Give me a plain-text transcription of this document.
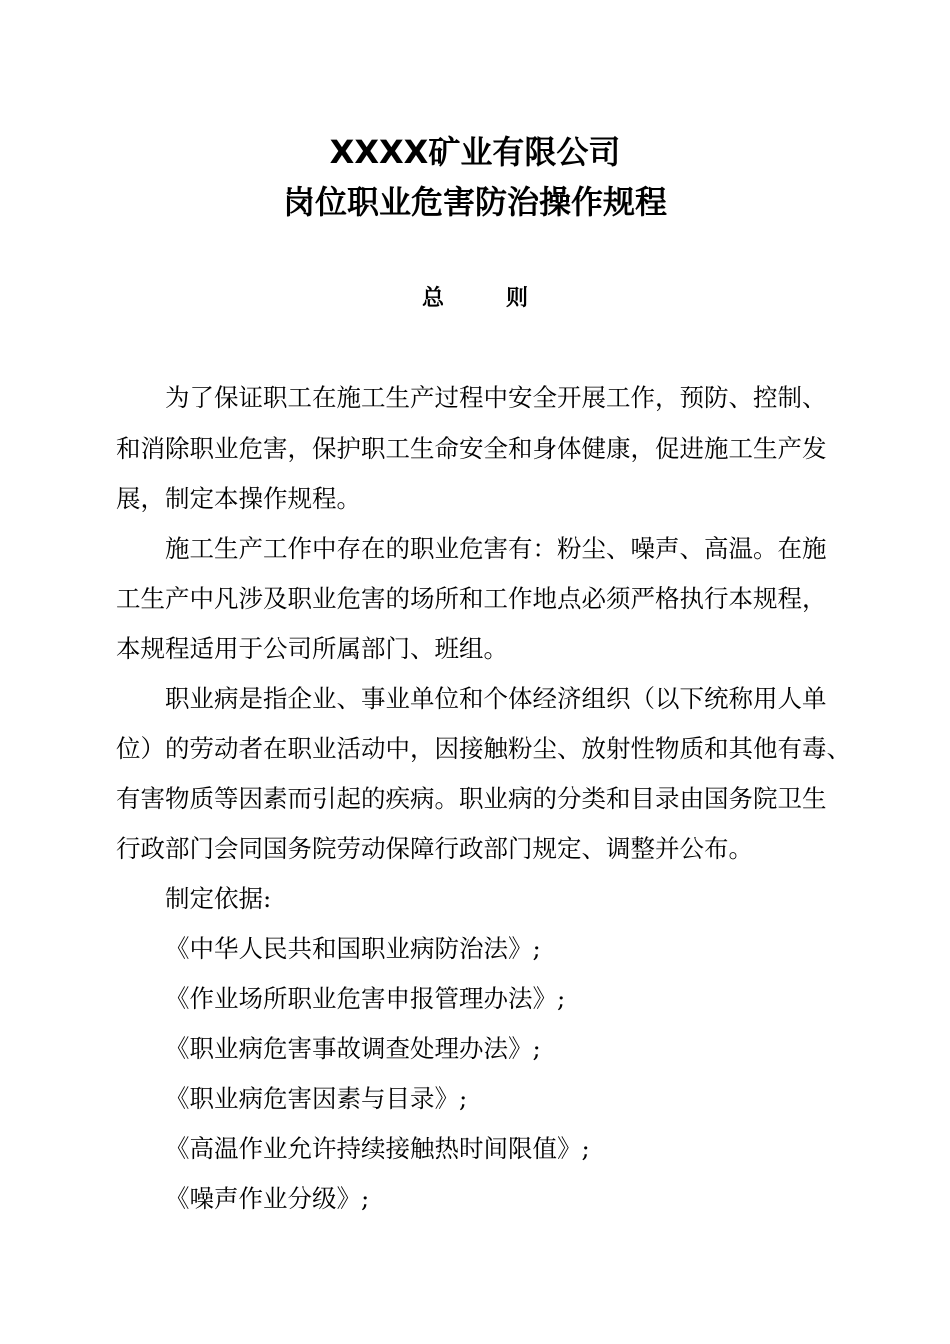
XXXX矿业有限公司
岗位职业危害防治操作规程
总则
为了保证职工在施工生产过程中安全开展工作，预防、控制、
和消除职业危害，保护职工生命安全和身体健康，促进施工生产发
展，制定本操作规程。
施工生产工作中存在的职业危害有：粉尘、噪声、高温。在施
工生产中凡涉及职业危害的场所和工作地点必须严格执行本规程，
本规程适用于公司所属部门、班组。
职业病是指企业、事业单位和个体经济组织（以下统称用人单
位）的劳动者在职业活动中，因接触粉尘、放射性物质和其他有毒、
有害物质等因素而引起的疾病。职业病的分类和目录由国务院卫生
行政部门会同国务院劳动保障行政部门规定、调整并公布。
制定依据:
《中华人民共和国职业病防治法》;
《作业场所职业危害申报管理办法》;
《职业病危害事故调查处理办法》;
《职业病危害因素与目录》;
《高温作业允许持续接触热时间限值》;
《噪声作业分级》;
